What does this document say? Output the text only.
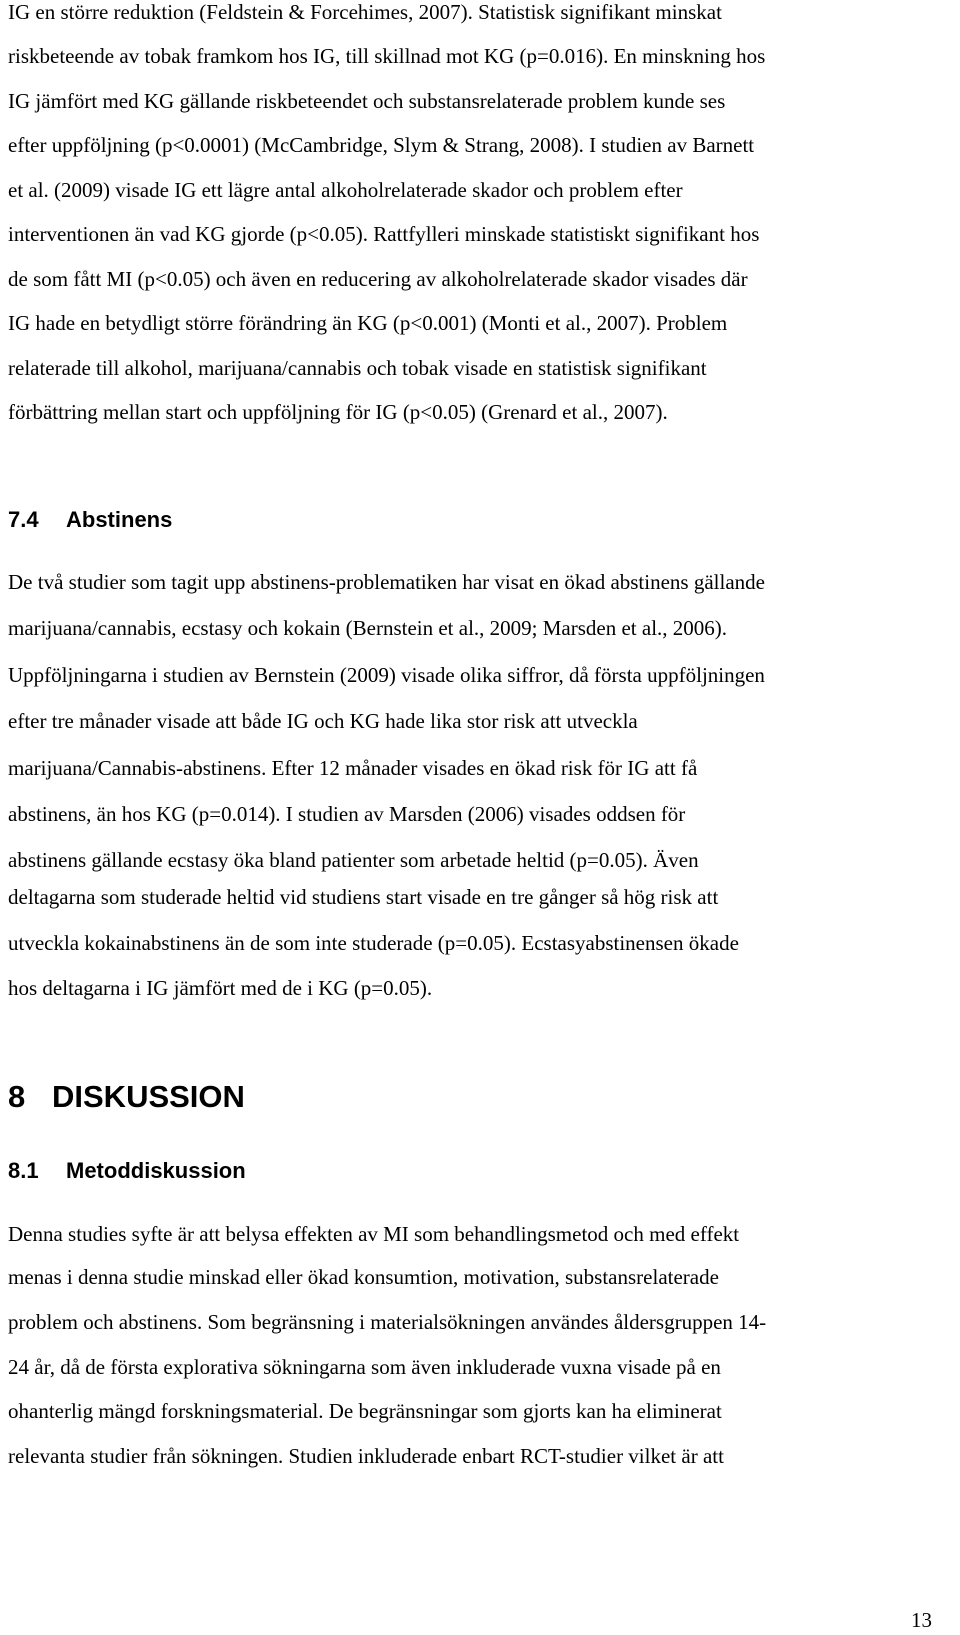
IG en större reduktion (Feldstein & Forcehimes, 2007). Statistisk signifikant minskat
riskbeteende av tobak framkom hos IG, till skillnad mot KG (p=0.016). En minskning hos
IG jämfört med KG gällande riskbeteendet och substansrelaterade problem kunde ses
efter uppföljning (p<0.0001) (McCambridge, Slym & Strang, 2008). I studien av Barnett
et al. (2009) visade IG ett lägre antal alkoholrelaterade skador och problem efter
interventionen än vad KG gjorde (p<0.05). Rattfylleri minskade statistiskt signifikant hos
de som fått MI (p<0.05) och även en reducering av alkoholrelaterade skador visades där
IG hade en betydligt större förändring än KG (p<0.001) (Monti et al., 2007). Problem
relaterade till alkohol, marijuana/cannabis och tobak visade en statistisk signifikant
förbättring mellan start och uppföljning för IG (p<0.05) (Grenard et al., 2007).
7.4 Abstinens
De två studier som tagit upp abstinens-problematiken har visat en ökad abstinens gällande
marijuana/cannabis, ecstasy och kokain (Bernstein et al., 2009; Marsden et al., 2006).
Uppföljningarna i studien av Bernstein (2009) visade olika siffror, då första uppföljningen
efter tre månader visade att både IG och KG hade lika stor risk att utveckla
marijuana/Cannabis-abstinens. Efter 12 månader visades en ökad risk för IG att få
abstinens, än hos KG (p=0.014). I studien av Marsden (2006) visades oddsen för
abstinens gällande ecstasy öka bland patienter som arbetade heltid (p=0.05). Även
deltagarna som studerade heltid vid studiens start visade en tre gånger så hög risk att
utveckla kokainabstinens än de som inte studerade (p=0.05). Ecstasyabstinensen ökade
hos deltagarna i IG jämfört med de i KG (p=0.05).
8 DISKUSSION
8.1 Metoddiskussion
Denna studies syfte är att belysa effekten av MI som behandlingsmetod och med effekt
menas i denna studie minskad eller ökad konsumtion, motivation, substansrelaterade
problem och abstinens. Som begränsning i materialsökningen användes åldersgruppen 14-
24 år, då de första explorativa sökningarna som även inkluderade vuxna visade på en
ohanterlig mängd forskningsmaterial. De begränsningar som gjorts kan ha eliminerat
relevanta studier från sökningen. Studien inkluderade enbart RCT-studier vilket är att
13
